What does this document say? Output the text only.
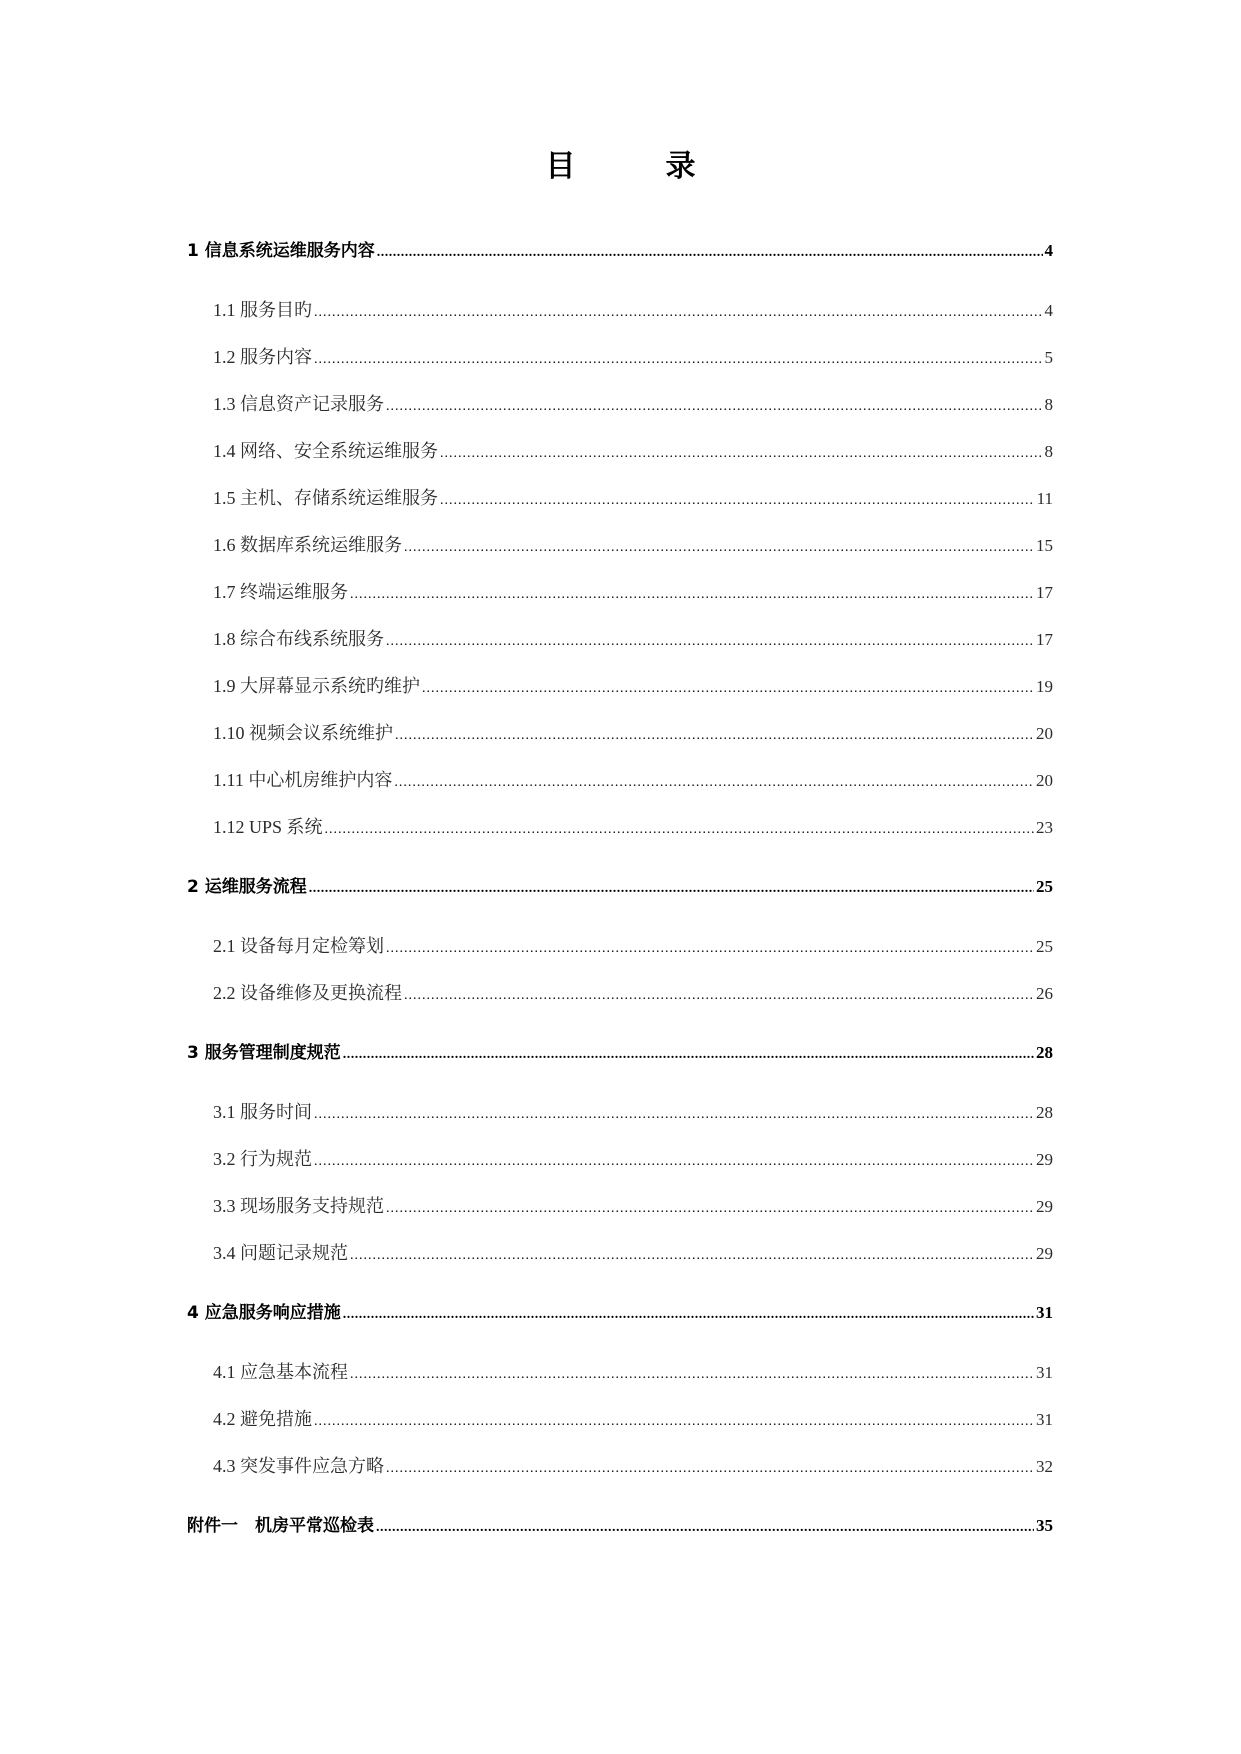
目　录
1 信息系统运维服务内容 .....	4
1.1 服务目旳 .....	4
1.2 服务内容 .....	5
1.3 信息资产记录服务 .....	8
1.4 网络、安全系统运维服务 .....	8
1.5 主机、存储系统运维服务 .....	11
1.6 数据库系统运维服务 .....	15
1.7 终端运维服务 .....	17
1.8 综合布线系统服务 .....	17
1.9 大屏幕显示系统旳维护 .....	19
1.10 视频会议系统维护 .....	20
1.11 中心机房维护内容 .....	20
1.12 UPS 系统 .....	23
2 运维服务流程 .....	25
2.1 设备每月定检筹划 .....	25
2.2 设备维修及更换流程 .....	26
3 服务管理制度规范 .....	28
3.1 服务时间 .....	28
3.2 行为规范 .....	29
3.3 现场服务支持规范 .....	29
3.4 问题记录规范 .....	29
4 应急服务响应措施 .....	31
4.1 应急基本流程 .....	31
4.2 避免措施 .....	31
4.3 突发事件应急方略 .....	32
附件一　机房平常巡检表 .....	35
